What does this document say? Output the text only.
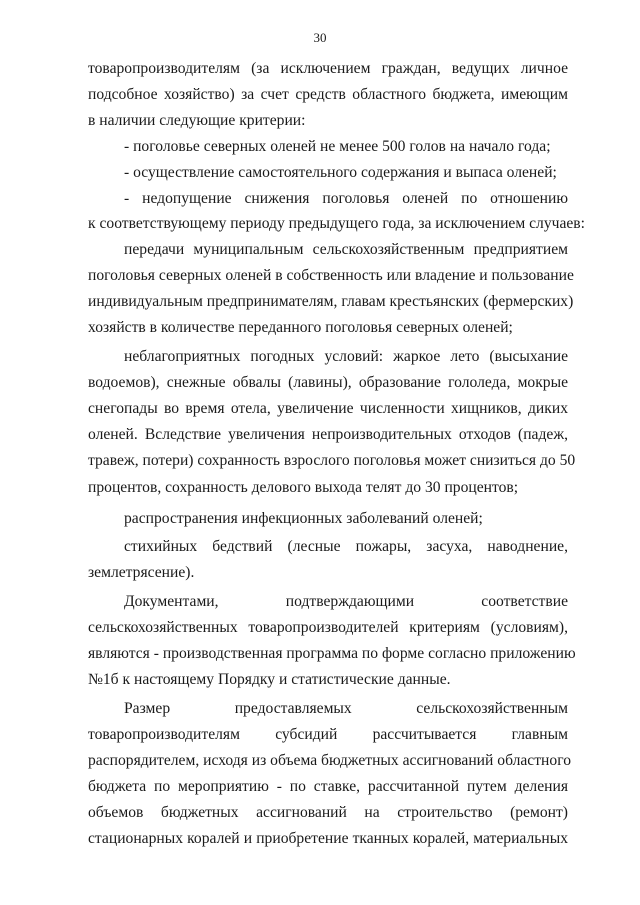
30
товаропроизводителям (за исключением граждан, ведущих личное
подсобное хозяйство) за счет средств областного бюджета, имеющим
в наличии следующие критерии:
- поголовье северных оленей не менее 500 голов на начало года;
- осуществление самостоятельного содержания и выпаса оленей;
- недопущение снижения поголовья оленей по отношению
к соответствующему периоду предыдущего года, за исключением случаев:
передачи муниципальным сельскохозяйственным предприятием
поголовья северных оленей в собственность или владение и пользование
индивидуальным предпринимателям, главам крестьянских (фермерских)
хозяйств в количестве переданного поголовья северных оленей;
неблагоприятных погодных условий: жаркое лето (высыхание
водоемов), снежные обвалы (лавины), образование гололеда, мокрые
снегопады во время отела, увеличение численности хищников, диких
оленей. Вследствие увеличения непроизводительных отходов (падеж,
травеж, потери) сохранность взрослого поголовья может снизиться до 50
процентов, сохранность делового выхода телят до 30 процентов;
распространения инфекционных заболеваний оленей;
стихийных бедствий (лесные пожары, засуха, наводнение,
землетрясение).
Документами, подтверждающими соответствие
сельскохозяйственных товаропроизводителей критериям (условиям),
являются - производственная программа по форме согласно приложению
№1б к настоящему Порядку и статистические данные.
Размер предоставляемых сельскохозяйственным
товаропроизводителям субсидий рассчитывается главным
распорядителем, исходя из объема бюджетных ассигнований областного
бюджета по мероприятию - по ставке, рассчитанной путем деления
объемов бюджетных ассигнований на строительство (ремонт)
стационарных коралей и приобретение тканных коралей, материальных
